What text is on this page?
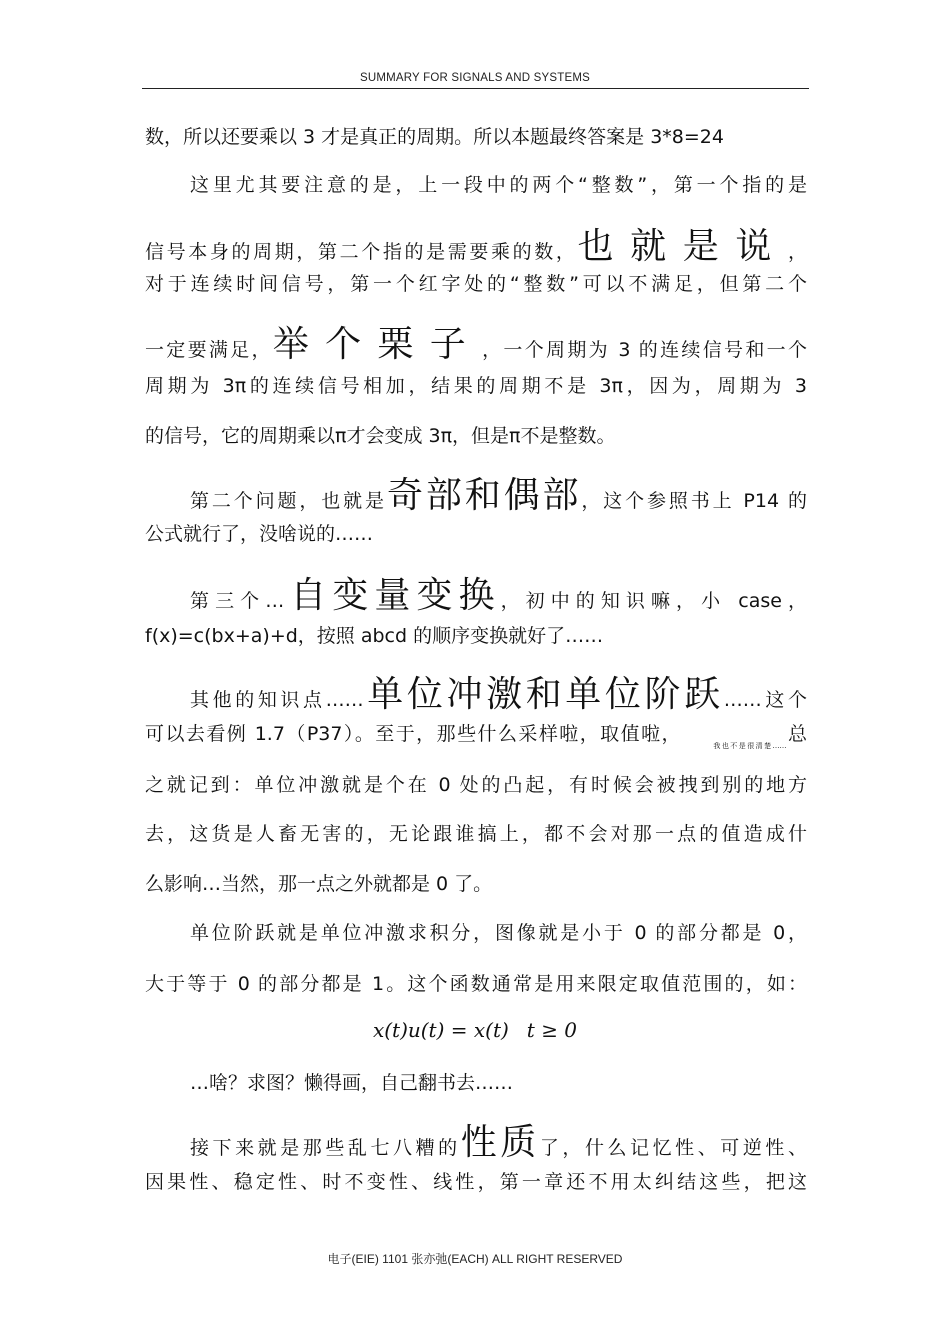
SUMMARY FOR SIGNALS AND SYSTEMS

数，所以还要乘以 3 才是真正的周期。所以本题最终答案是 3*8=24

这里尤其要注意的是，上一段中的两个“整数”，第一个指的是

信号本身的周期，第二个指的是需要乘的数，也就是说，

对于连续时间信号，第一个红字处的“整数”可以不满足，但第二个

一定要满足，举个栗子，一个周期为 3 的连续信号和一个

周期为 3π的连续信号相加，结果的周期不是 3π，因为，周期为 3

的信号，它的周期乘以π才会变成 3π，但是π不是整数。

第二个问题，也就是奇部和偶部，这个参照书上 P14 的

公式就行了，没啥说的……

第三个…自变量变换，初中的知识嘛，小 case，

f(x)=c(bx+a)+d，按照 abcd 的顺序变换就好了……

其他的知识点……单位冲激和单位阶跃……这个

可以去看例 1.7（P37）。至于，那些什么采样啦，取值啦，$_{我也不是很清楚\dots\dots}$总

之就记到：单位冲激就是个在 0 处的凸起，有时候会被拽到别的地方

去，这货是人畜无害的，无论跟谁搞上，都不会对那一点的值造成什

么影响…当然，那一点之外就都是 0 了。

单位阶跃就是单位冲激求积分，图像就是小于 0 的部分都是 0，

大于等于 0 的部分都是 1。这个函数通常是用来限定取值范围的，如：

x(t)u(t) = x(t) t ≥ 0

…啥？求图？懒得画，自己翻书去……

接下来就是那些乱七八糟的性质了，什么记忆性、可逆性、

因果性、稳定性、时不变性、线性，第一章还不用太纠结这些，把这

电子(EIE) 1101 张亦弛(EACH) ALL RIGHT RESERVED
